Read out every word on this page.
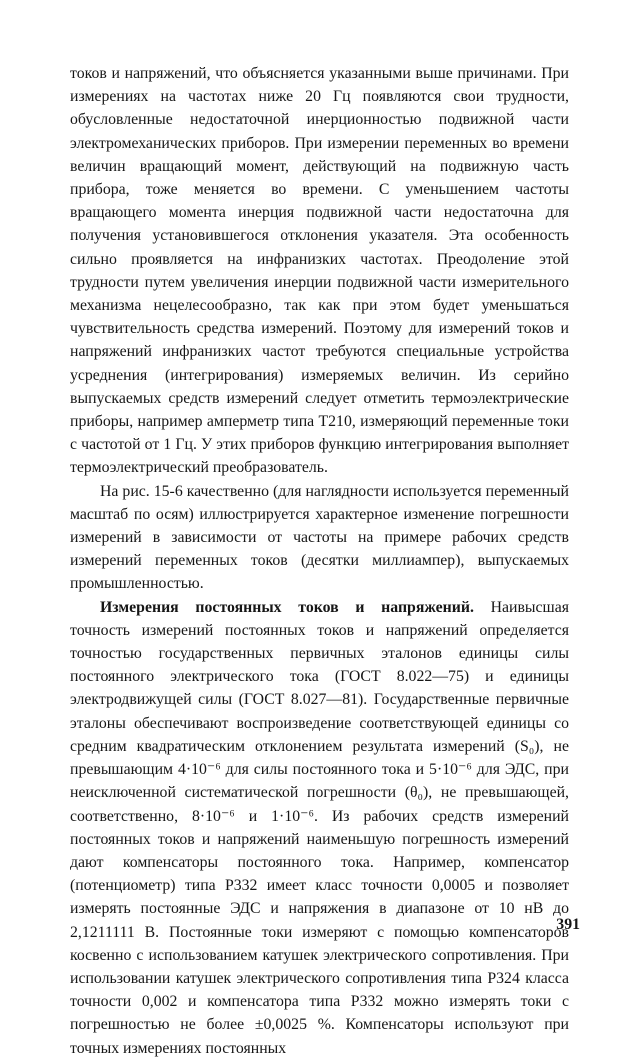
токов и напряжений, что объясняется указанными выше причинами. При измерениях на частотах ниже 20 Гц появляются свои трудности, обусловленные недостаточной инерционностью подвижной части электромеханических приборов. При измерении переменных во времени величин вращающий момент, действующий на подвижную часть прибора, тоже меняется во времени. С уменьшением частоты вращающего момента инерция подвижной части недостаточна для получения установившегося отклонения указателя. Эта особенность сильно проявляется на инфранизких частотах. Преодоление этой трудности путем увеличения инерции подвижной части измерительного механизма нецелесообразно, так как при этом будет уменьшаться чувствительность средства измерений. Поэтому для измерений токов и напряжений инфранизких частот требуются специальные устройства усреднения (интегрирования) измеряемых величин. Из серийно выпускаемых средств измерений следует отметить термоэлектрические приборы, например амперметр типа Т210, измеряющий переменные токи с частотой от 1 Гц. У этих приборов функцию интегрирования выполняет термоэлектрический преобразователь.

На рис. 15-6 качественно (для наглядности используется переменный масштаб по осям) иллюстрируется характерное изменение погрешности измерений в зависимости от частоты на примере рабочих средств измерений переменных токов (десятки миллиампер), выпускаемых промышленностью.

Измерения постоянных токов и напряжений. Наивысшая точность измерений постоянных токов и напряжений определяется точностью государственных первичных эталонов единицы силы постоянного электрического тока (ГОСТ 8.022—75) и единицы электродвижущей силы (ГОСТ 8.027—81). Государственные первичные эталоны обеспечивают воспроизведение соответствующей единицы со средним квадратическим отклонением результата измерений (S₀), не превышающим 4·10⁻⁶ для силы постоянного тока и 5·10⁻⁶ для ЭДС, при неисключенной систематической погрешности (θ₀), не превышающей, соответственно, 8·10⁻⁶ и 1·10⁻⁶. Из рабочих средств измерений постоянных токов и напряжений наименьшую погрешность измерений дают компенсаторы постоянного тока. Например, компенсатор (потенциометр) типа Р332 имеет класс точности 0,0005 и позволяет измерять постоянные ЭДС и напряжения в диапазоне от 10 нВ до 2,1211111 В. Постоянные токи измеряют с помощью компенсаторов косвенно с использованием катушек электрического сопротивления. При использовании катушек электрического сопротивления типа Р324 класса точности 0,002 и компенсатора типа Р332 можно измерять токи с погрешностью не более ±0,0025 %. Компенсаторы используют при точных измерениях постоянных

391
